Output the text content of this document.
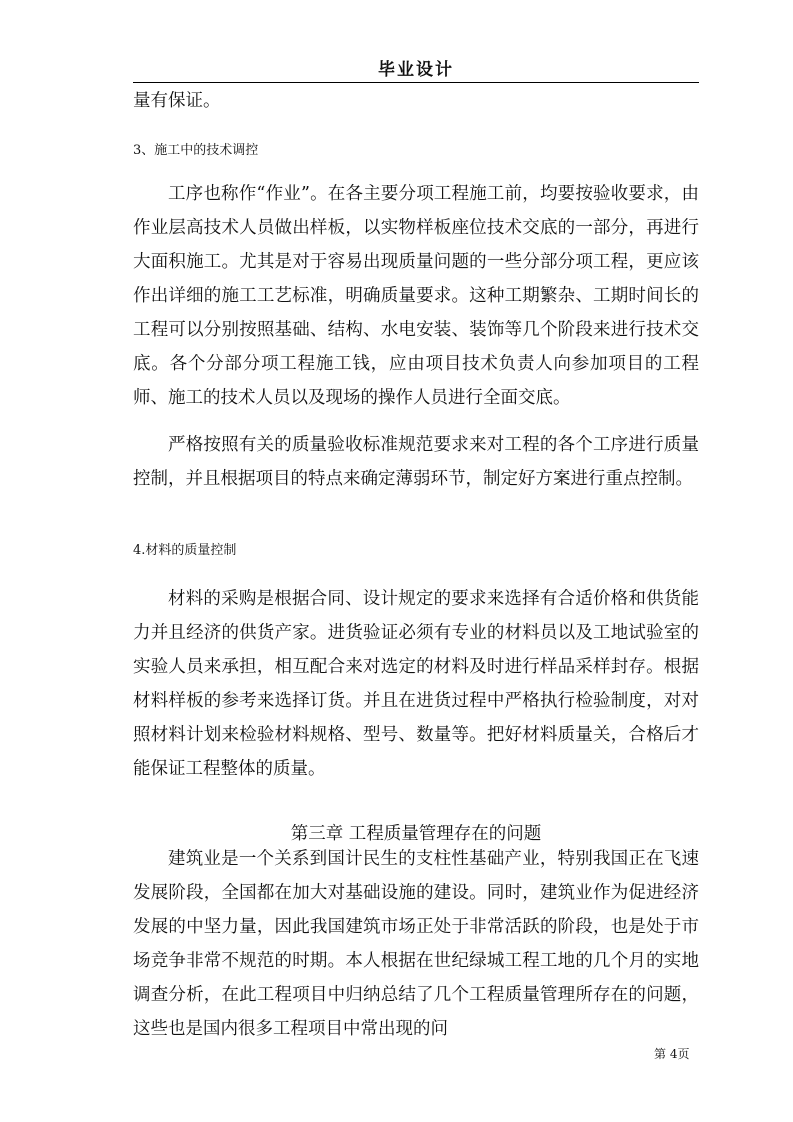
毕业设计

量有保证。

3、施工中的技术调控

工序也称作“作业”。在各主要分项工程施工前，均要按验收要求，由作业层高技术人员做出样板，以实物样板座位技术交底的一部分，再进行大面积施工。尤其是对于容易出现质量问题的一些分部分项工程，更应该作出详细的施工工艺标准，明确质量要求。这种工期繁杂、工期时间长的工程可以分别按照基础、结构、水电安装、装饰等几个阶段来进行技术交底。各个分部分项工程施工钱，应由项目技术负责人向参加项目的工程师、施工的技术人员以及现场的操作人员进行全面交底。

严格按照有关的质量验收标准规范要求来对工程的各个工序进行质量控制，并且根据项目的特点来确定薄弱环节，制定好方案进行重点控制。

4.材料的质量控制

材料的采购是根据合同、设计规定的要求来选择有合适价格和供货能力并且经济的供货产家。进货验证必须有专业的材料员以及工地试验室的实验人员来承担，相互配合来对选定的材料及时进行样品采样封存。根据材料样板的参考来选择订货。并且在进货过程中严格执行检验制度，对对照材料计划来检验材料规格、型号、数量等。把好材料质量关，合格后才能保证工程整体的质量。

第三章 工程质量管理存在的问题

建筑业是一个关系到国计民生的支柱性基础产业，特别我国正在飞速发展阶段，全国都在加大对基础设施的建设。同时，建筑业作为促进经济发展的中坚力量，因此我国建筑市场正处于非常活跃的阶段，也是处于市场竞争非常不规范的时期。本人根据在世纪绿城工程工地的几个月的实地调查分析，在此工程项目中归纳总结了几个工程质量管理所存在的问题，这些也是国内很多工程项目中常出现的问

第 4页
